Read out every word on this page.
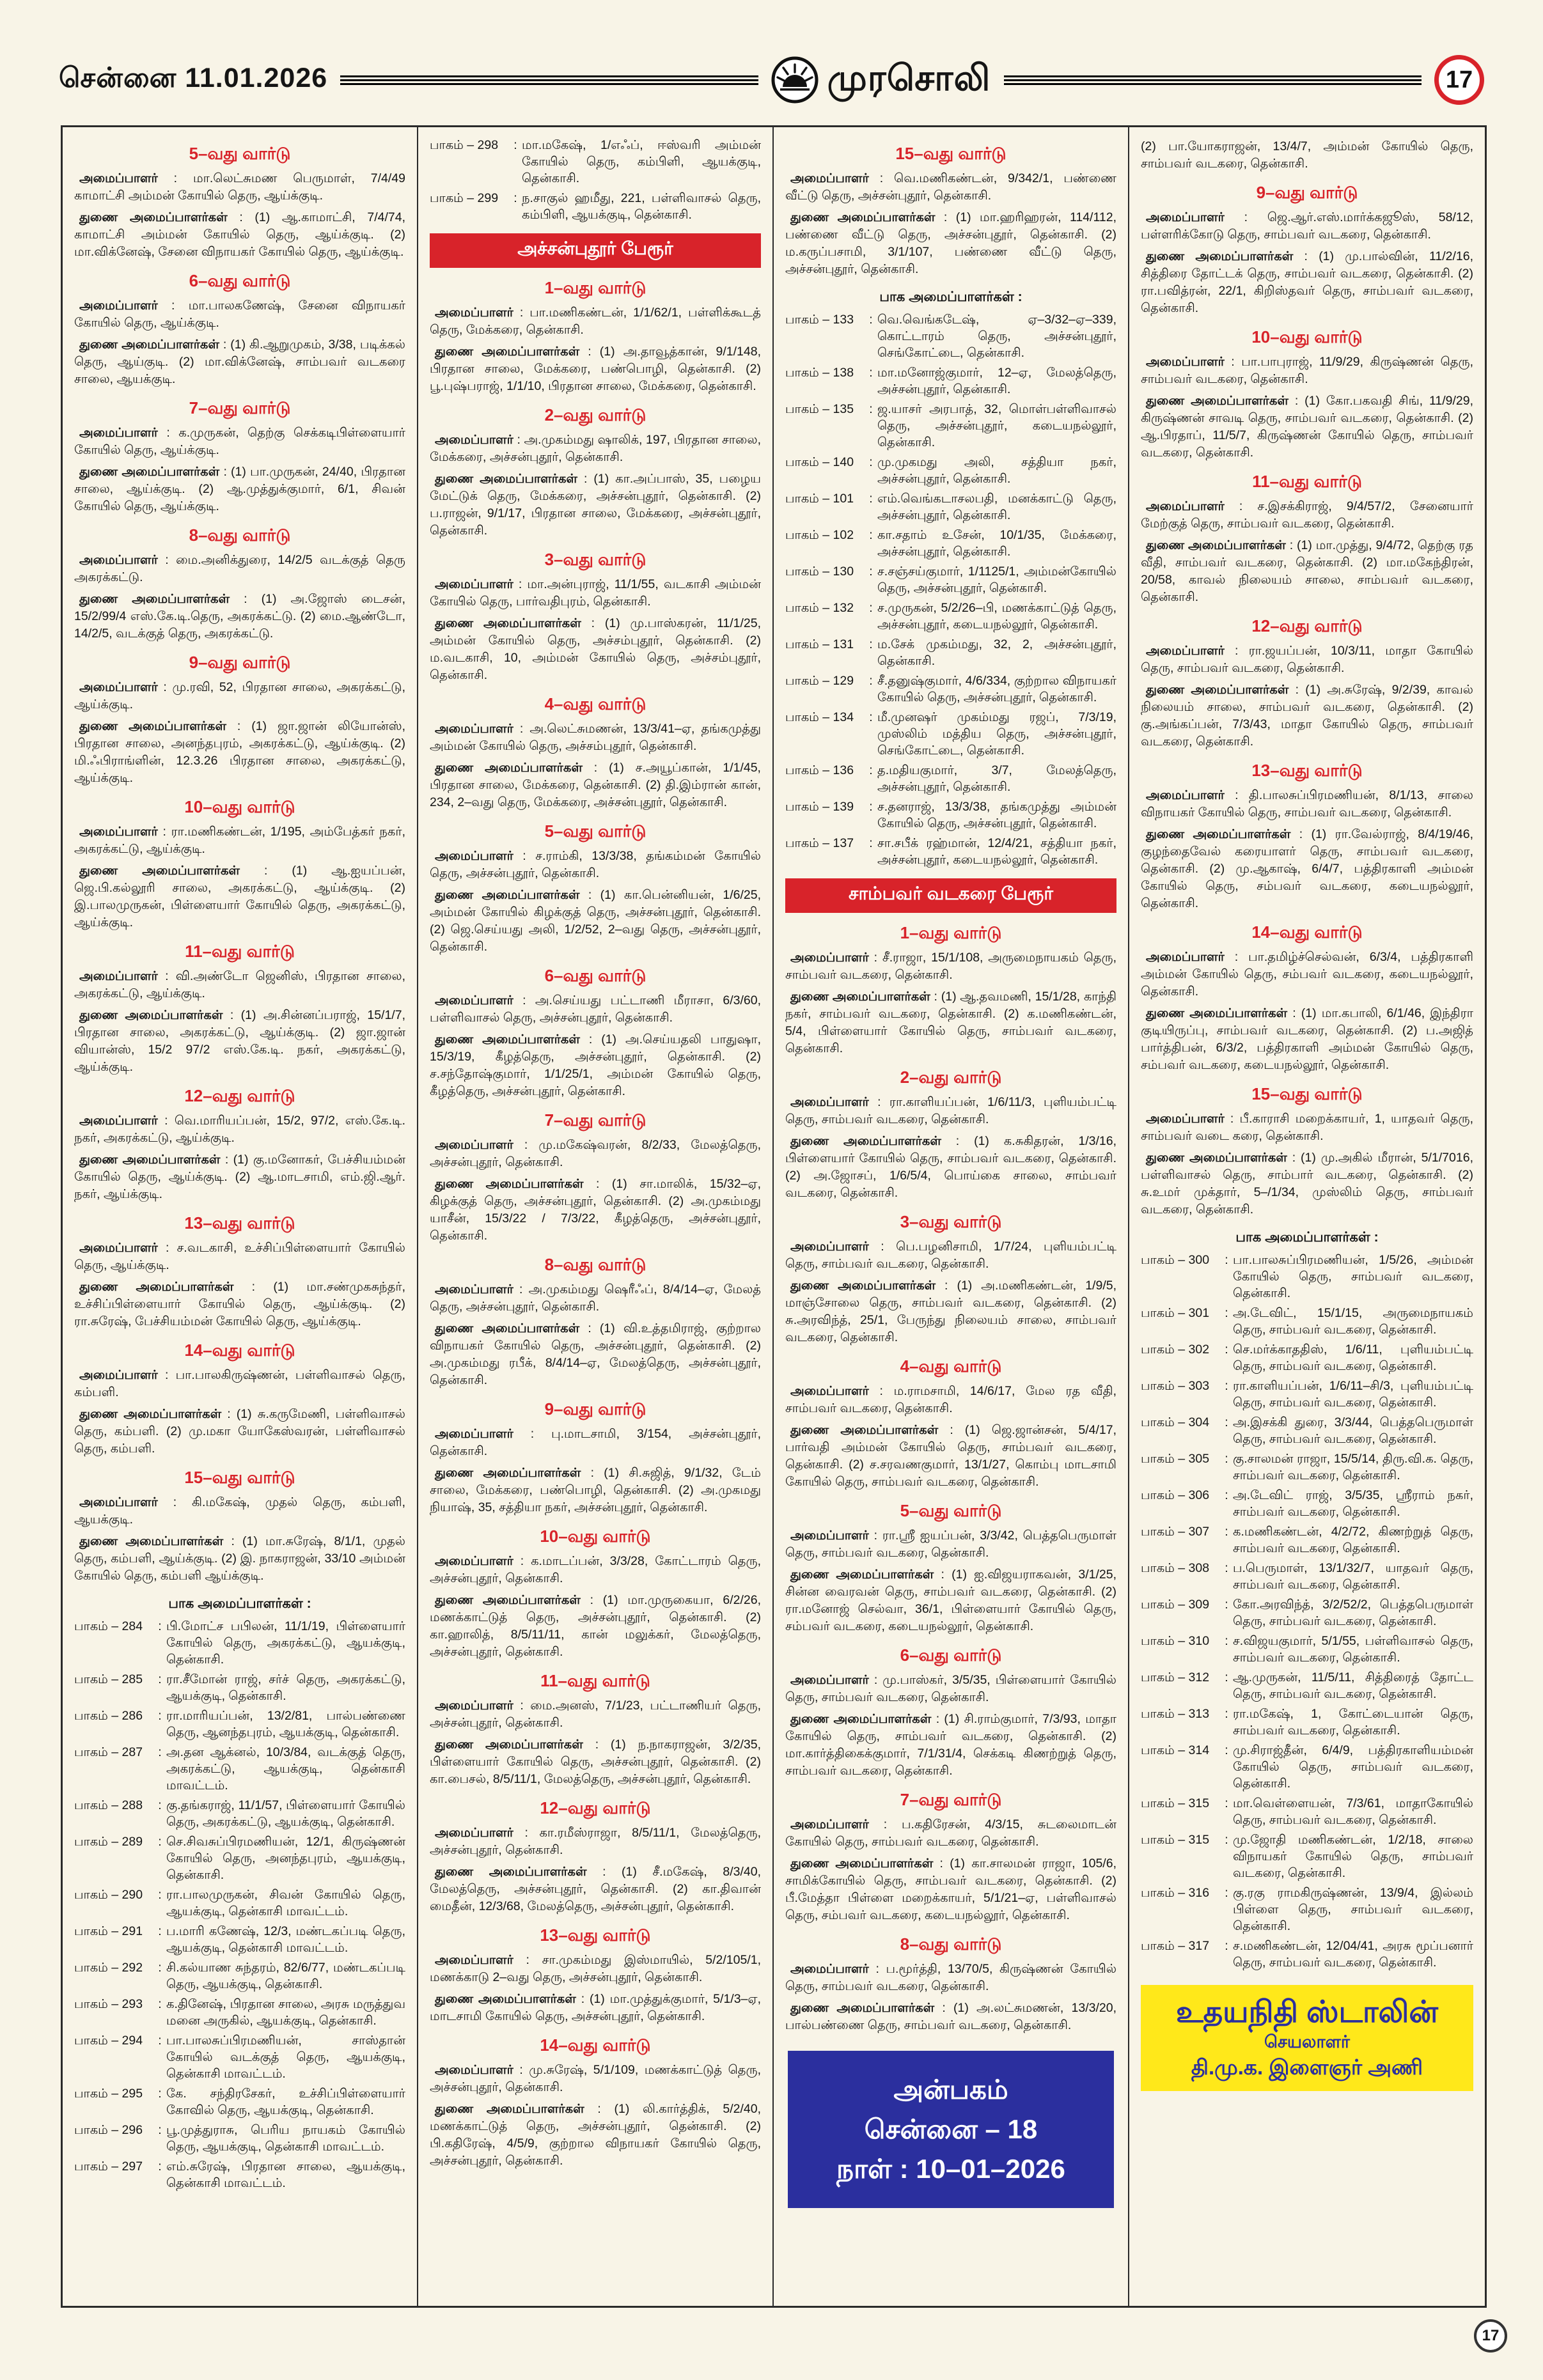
சென்னை 11.01.2026	முரசொலி	17
5–வது வார்டு

அமைப்பாளர் : மா.லெட்சுமண பெருமாள், 7/4/49 காமாட்சி அம்மன் கோயில் தெரு, ஆய்க்குடி.

துணை அமைப்பாளர்கள் : (1) ஆ.காமாட்சி, 7/4/74, காமாட்சி அம்மன் கோயில் தெரு, ஆய்க்குடி. (2) மா.விக்னேஷ், சேனை விநாயகர் கோயில் தெரு, ஆய்க்குடி.

6–வது வார்டு

அமைப்பாளர் : மா.பாலகணேஷ், சேனை விநாயகர் கோயில் தெரு, ஆய்க்குடி.

துணை அமைப்பாளர்கள் : (1) கி.ஆறுமுகம், 3/38, படிக்கல் தெரு, ஆய்குடி. (2) மா.விக்னேஷ், சாம்பவர் வடகரை சாலை, ஆயக்குடி.

7–வது வார்டு

அமைப்பாளர் : க.முருகன், தெற்கு செக்கடிபிள்ளையார் கோயில் தெரு, ஆய்க்குடி.

துணை அமைப்பாளர்கள் : (1) பா.முருகன், 24/40, பிரதான சாலை, ஆய்க்குடி. (2) ஆ.முத்துக்குமார், 6/1, சிவன் கோயில் தெரு, ஆய்க்குடி.

8–வது வார்டு

அமைப்பாளர் : மை.அனிக்துரை, 14/2/5 வடக்குத் தெரு அகரக்கட்டு.

துணை அமைப்பாளர்கள் : (1) அ.ஜோஸ் டைசன், 15/2/99/4 எஸ்.கே.டி.தெரு, அகரக்கட்டு. (2) மை.ஆண்டோ, 14/2/5, வடக்குத் தெரு, அகரக்கட்டு.

9–வது வார்டு

அமைப்பாளர் : மு.ரவி, 52, பிரதான சாலை, அகரக்கட்டு, ஆய்க்குடி.

துணை அமைப்பாளர்கள் : (1) ஜா.ஜான் லியோன்ஸ், பிரதான சாலை, அனந்தபுரம், அகரக்கட்டு, ஆய்க்குடி. (2) மி.ஃபிராங்ளின், 12.3.26 பிரதான சாலை, அகரக்கட்டு, ஆய்க்குடி.

10–வது வார்டு

அமைப்பாளர் : ரா.மணிகண்டன், 1/195, அம்பேத்கர் நகர், அகரக்கட்டு, ஆய்க்குடி.

துணை அமைப்பாளர்கள் : (1) ஆ.ஐயப்பன், ஜெ.பி.கல்லூரி சாலை, அகரக்கட்டு, ஆய்க்குடி. (2) இ.பாலமுருகன், பிள்ளையார் கோயில் தெரு, அகரக்கட்டு, ஆய்க்குடி.

11–வது வார்டு

அமைப்பாளர் : வி.அண்டோ ஜெனிஸ், பிரதான சாலை, அகரக்கட்டு, ஆய்க்குடி.

துணை அமைப்பாளர்கள் : (1) அ.சின்னப்பராஜ், 15/1/7, பிரதான சாலை, அகரக்கட்டு, ஆய்க்குடி. (2) ஜா.ஜான் வியான்ஸ், 15/2 97/2 எஸ்.கே.டி. நகர், அகரக்கட்டு, ஆய்க்குடி.

12–வது வார்டு

அமைப்பாளர் : வெ.மாரியப்பன், 15/2, 97/2, எஸ்.கே.டி. நகர், அகரக்கட்டு, ஆய்க்குடி.

துணை அமைப்பாளர்கள் : (1) கு.மனோகர், பேச்சியம்மன் கோயில் தெரு, ஆய்க்குடி. (2) ஆ.மாடசாமி, எம்.ஜி.ஆர். நகர், ஆய்க்குடி.

13–வது வார்டு

அமைப்பாளர் : ச.வடகாசி, உச்சிப்பிள்ளையார் கோயில் தெரு, ஆய்க்குடி.

துணை அமைப்பாளர்கள் : (1) மா.சண்முகசுந்தர், உச்சிப்பிள்ளையார் கோயில் தெரு, ஆய்க்குடி. (2) ரா.சுரேஷ், பேச்சியம்மன் கோயில் தெரு, ஆய்க்குடி.

14–வது வார்டு

அமைப்பாளர் : பா.பாலகிருஷ்ணன், பள்ளிவாசல் தெரு, கம்பளி.

துணை அமைப்பாளர்கள் : (1) சு.கருமேணி, பள்ளிவாசல் தெரு, கம்பளி. (2) மு.மகா யோகேஸ்வரன், பள்ளிவாசல் தெரு, கம்பளி.

15–வது வார்டு

அமைப்பாளர் : கி.மகேஷ், முதல் தெரு, கம்பளி, ஆயக்குடி.

துணை அமைப்பாளர்கள் : (1) மா.சுரேஷ், 8/1/1, முதல் தெரு, கம்பளி, ஆய்க்குடி. (2) இ. நாகராஜன், 33/10 அம்மன் கோயில் தெரு, கம்பளி ஆய்க்குடி.

பாக அமைப்பாளர்கள் :
பாகம் – 284	: பி.மோட்ச பபிலன், 11/1/19, பிள்ளையார் கோயில் தெரு, அகரக்கட்டு, ஆயக்குடி, தென்காசி.
பாகம் – 285	: ரா.சீமோன் ராஜ், சர்ச் தெரு, அகரக்கட்டு, ஆயக்குடி, தென்காசி.
பாகம் – 286	: ரா.மாரியப்பன், 13/2/81, பால்பண்ணை தெரு, ஆனந்தபுரம், ஆயக்குடி, தென்காசி.
பாகம் – 287	: அ.தன ஆக்னல், 10/3/84, வடக்குத் தெரு, அகரக்கட்டு, ஆயக்குடி, தென்காசி மாவட்டம்.
பாகம் – 288	: கு.தங்கராஜ், 11/1/57, பிள்ளையார் கோயில் தெரு, அகரக்கட்டு, ஆயக்குடி, தென்காசி.
பாகம் – 289	: செ.சிவசுப்பிரமணியன், 12/1, கிருஷ்ணன் கோயில் தெரு, அனந்தபுரம், ஆயக்குடி, தென்காசி.
பாகம் – 290	: ரா.பாலமுருகன், சிவன் கோயில் தெரு, ஆயக்குடி, தென்காசி மாவட்டம்.
பாகம் – 291	: ப.மாரி கணேஷ், 12/3, மண்டகப்படி தெரு, ஆயக்குடி, தென்காசி மாவட்டம்.
பாகம் – 292	: சி.கல்யாண சுந்தரம், 82/6/77, மண்டகப்படி தெரு, ஆயக்குடி, தென்காசி.
பாகம் – 293	: க.தினேஷ், பிரதான சாலை, அரசு மருத்துவ மனை அருகில், ஆயக்குடி, தென்காசி.
பாகம் – 294	: பா.பாலசுப்பிரமணியன், சாஸ்தான் கோயில் வடக்குத் தெரு, ஆயக்குடி, தென்காசி மாவட்டம்.
பாகம் – 295	: கே. சந்திரசேகர், உச்சிப்பிள்ளையார் கோவில் தெரு, ஆயக்குடி, தென்காசி.
பாகம் – 296	: பூ.முத்துராசு, பெரிய நாயகம் கோயில் தெரு, ஆயக்குடி, தென்காசி மாவட்டம்.
பாகம் – 297	: எம்.சுரேஷ், பிரதான சாலை, ஆயக்குடி, தென்காசி மாவட்டம்.
பாகம் – 298	: மா.மகேஷ், 1/எஃப், ஈஸ்வரி அம்மன் கோயில் தெரு, கம்பிளி, ஆயக்குடி, தென்காசி.
பாகம் – 299	: ந.சாகுல் ஹமீது, 221, பள்ளிவாசல் தெரு, கம்பிளி, ஆயக்குடி, தென்காசி.
அச்சன்புதூர் பேரூர்
1–வது வார்டு

அமைப்பாளர் : பா.மணிகண்டன், 1/1/62/1, பள்ளிக்கூடத் தெரு, மேக்கரை, தென்காசி.

துணை அமைப்பாளர்கள் : (1) அ.தாவூத்கான், 9/1/148, பிரதான சாலை, மேக்கரை, பண்பொழி, தென்காசி. (2) பூ.புஷ்பராஜ், 1/1/10, பிரதான சாலை, மேக்கரை, தென்காசி.

2–வது வார்டு

அமைப்பாளர் : அ.முகம்மது ஷாலிக், 197, பிரதான சாலை, மேக்கரை, அச்சன்புதூர், தென்காசி.

துணை அமைப்பாளர்கள் : (1) கா.அப்பாஸ், 35, பழைய மேட்டுக் தெரு, மேக்கரை, அச்சன்புதூர், தென்காசி. (2) ப.ராஜன், 9/1/17, பிரதான சாலை, மேக்கரை, அச்சன்புதூர், தென்காசி.

3–வது வார்டு

அமைப்பாளர் : மா.அன்புராஜ், 11/1/55, வடகாசி அம்மன் கோயில் தெரு, பார்வதிபுரம், தென்காசி.

துணை அமைப்பாளர்கள் : (1) மு.பாஸ்கரன், 11/1/25, அம்மன் கோயில் தெரு, அச்சம்புதூர், தென்காசி. (2) ம.வடகாசி, 10, அம்மன் கோயில் தெரு, அச்சம்புதூர், தென்காசி.

4–வது வார்டு

அமைப்பாளர் : அ.லெட்சுமணன், 13/3/41–ஏ, தங்கமுத்து அம்மன் கோயில் தெரு, அச்சம்புதூர், தென்காசி.

துணை அமைப்பாளர்கள் : (1) ச.அயூப்கான், 1/1/45, பிரதான சாலை, மேக்கரை, தென்காசி. (2) தி.இம்ரான் கான், 234, 2–வது தெரு, மேக்கரை, அச்சன்புதூர், தென்காசி.

5–வது வார்டு

அமைப்பாளர் : ச.ராம்கி, 13/3/38, தங்கம்மன் கோயில் தெரு, அச்சன்புதூர், தென்காசி.

துணை அமைப்பாளர்கள் : (1) கா.பென்னியன், 1/6/25, அம்மன் கோயில் கிழக்குத் தெரு, அச்சன்புதூர், தென்காசி. (2) ஜெ.செய்யது அலி, 1/2/52, 2–வது தெரு, அச்சன்புதூர், தென்காசி.

6–வது வார்டு

அமைப்பாளர் : அ.செய்யது பட்டாணி மீராசா, 6/3/60, பள்ளிவாசல் தெரு, அச்சன்புதூர், தென்காசி.

துணை அமைப்பாளர்கள் : (1) அ.செய்யதலி பாதுஷா, 15/3/19, கீழத்தெரு, அச்சன்புதூர், தென்காசி. (2) ச.சந்தோஷ்குமார், 1/1/25/1, அம்மன் கோயில் தெரு, கீழத்தெரு, அச்சன்புதூர், தென்காசி.

7–வது வார்டு

அமைப்பாளர் : மு.மகேஷ்வரன், 8/2/33, மேலத்தெரு, அச்சன்புதூர், தென்காசி.

துணை அமைப்பாளர்கள் : (1) சா.மாலிக், 15/32–ஏ, கிழக்குத் தெரு, அச்சன்புதூர், தென்காசி. (2) அ.முகம்மது யாசீன், 15/3/22 / 7/3/22, கீழத்தெரு, அச்சன்புதூர், தென்காசி.

8–வது வார்டு

அமைப்பாளர் : அ.முகம்மது ஷெரீஃப், 8/4/14–ஏ, மேலத் தெரு, அச்சன்புதூர், தென்காசி.

துணை அமைப்பாளர்கள் : (1) வி.உத்தமிராஜ், குற்றால விநாயகர் கோயில் தெரு, அச்சன்புதூர், தென்காசி. (2) அ.முகம்மது ரபீக், 8/4/14–ஏ, மேலத்தெரு, அச்சன்புதூர், தென்காசி.

9–வது வார்டு

அமைப்பாளர் : பு.மாடசாமி, 3/154, அச்சன்புதூர், தென்காசி.

துணை அமைப்பாளர்கள் : (1) சி.சுஜித், 9/1/32, டேம் சாலை, மேக்கரை, பண்பொழி, தென்காசி. (2) அ.முகமது நியாஷ், 35, சத்தியா நகர், அச்சன்புதூர், தென்காசி.

10–வது வார்டு

அமைப்பாளர் : க.மாடப்பன், 3/3/28, கோட்டாரம் தெரு, அச்சன்புதூர், தென்காசி.

துணை அமைப்பாளர்கள் : (1) மா.முருகையா, 6/2/26, மணக்காட்டுத் தெரு, அச்சன்புதூர், தென்காசி. (2) கா.ஹாலித், 8/5/11/11, கான் மலுக்கர், மேலத்தெரு, அச்சன்புதூர், தென்காசி.

11–வது வார்டு

அமைப்பாளர் : மை.அனஸ், 7/1/23, பட்டாணியர் தெரு, அச்சன்புதூர், தென்காசி.

துணை அமைப்பாளர்கள் : (1) ந.நாகராஜன், 3/2/35, பிள்ளையார் கோயில் தெரு, அச்சன்புதூர், தென்காசி. (2) கா.பைசல், 8/5/11/1, மேலத்தெரு, அச்சன்புதூர், தென்காசி.

12–வது வார்டு

அமைப்பாளர் : கா.ரமீஸ்ராஜா, 8/5/11/1, மேலத்தெரு, அச்சன்புதூர், தென்காசி.

துணை அமைப்பாளர்கள் : (1) சீ.மகேஷ், 8/3/40, மேலத்தெரு, அச்சன்புதூர், தென்காசி. (2) கா.திவான் மைதீன், 12/3/68, மேலத்தெரு, அச்சன்புதூர், தென்காசி.

13–வது வார்டு

அமைப்பாளர் : சா.முகம்மது இஸ்மாயில், 5/2/105/1, மணக்காடு 2–வது தெரு, அச்சன்புதூர், தென்காசி.

துணை அமைப்பாளர்கள் : (1) மா.முத்துக்குமார், 5/1/3–ஏ, மாடசாமி கோயில் தெரு, அச்சன்புதூர், தென்காசி.

14–வது வார்டு

அமைப்பாளர் : மு.சுரேஷ், 5/1/109, மணக்காட்டுத் தெரு, அச்சன்புதூர், தென்காசி.

துணை அமைப்பாளர்கள் : (1) லி.கார்த்திக், 5/2/40, மணக்காட்டுத் தெரு, அச்சன்புதூர், தென்காசி. (2) பி.கதிரேஷ், 4/5/9, குற்றால விநாயகர் கோயில் தெரு, அச்சன்புதூர், தென்காசி.

15–வது வார்டு

அமைப்பாளர் : வெ.மணிகண்டன், 9/342/1, பண்ணை வீட்டு தெரு, அச்சன்புதூர், தென்காசி.

துணை அமைப்பாளர்கள் : (1) மா.ஹரிஹரன், 114/112, பண்ணை வீட்டு தெரு, அச்சன்புதூர், தென்காசி. (2) ம.கருப்பசாமி, 3/1/107, பண்ணை வீட்டு தெரு, அச்சன்புதூர், தென்காசி.

பாக அமைப்பாளர்கள் :
பாகம் – 133	: வெ.வெங்கடேஷ், ஏ–3/32–ஏ–339, கொட்டாரம் தெரு, அச்சன்புதூர், செங்கோட்டை, தென்காசி.
பாகம் – 138	: மா.மனோஜ்குமார், 12–ஏ, மேலத்தெரு, அச்சன்புதூர், தென்காசி.
பாகம் – 135	: ஜ.யாசர் அரபாத், 32, மொள்பள்ளிவாசல் தெரு, அச்சன்புதூர், கடையநல்லூர், தென்காசி.
பாகம் – 140	: மு.முகமது அலி, சத்தியா நகர், அச்சன்புதூர், தென்காசி.
பாகம் – 101	: எம்.வெங்கடாசலபதி, மனக்காட்டு தெரு, அச்சன்புதூர், தென்காசி.
பாகம் – 102	: கா.சதாம் உசேன், 10/1/35, மேக்கரை, அச்சன்புதூர், தென்காசி.
பாகம் – 130	: ச.சஞ்சய்குமார், 1/1125/1, அம்மன்கோயில் தெரு, அச்சன்புதூர், தென்காசி.
பாகம் – 132	: ச.முருகன், 5/2/26–பி, மணக்காட்டுத் தெரு, அச்சன்புதூர், கடையநல்லூர், தென்காசி.
பாகம் – 131	: ம.சேக் முகம்மது, 32, 2, அச்சன்புதூர், தென்காசி.
பாகம் – 129	: சீ.தனுஷ்குமார், 4/6/334, குற்றால விநாயகர் கோயில் தெரு, அச்சன்புதூர், தென்காசி.
பாகம் – 134	: மீ.முனஷர் முகம்மது ரஜப், 7/3/19, முஸ்லிம் மத்திய தெரு, அச்சன்புதூர், செங்கோட்டை, தென்காசி.
பாகம் – 136	: த.மதியகுமார், 3/7, மேலத்தெரு, அச்சன்புதூர், தென்காசி.
பாகம் – 139	: ச.தனராஜ், 13/3/38, தங்கமுத்து அம்மன் கோயில் தெரு, அச்சன்புதூர், தென்காசி.
பாகம் – 137	: சா.சபீக் ரஹ்மான், 12/4/21, சத்தியா நகர், அச்சன்புதூர், கடையநல்லூர், தென்காசி.
சாம்பவர் வடகரை பேரூர்
1–வது வார்டு

அமைப்பாளர் : சீ.ராஜா, 15/1/108, அருமைநாயகம் தெரு, சாம்பவர் வடகரை, தென்காசி.

துணை அமைப்பாளர்கள் : (1) ஆ.தவமணி, 15/1/28, காந்தி நகர், சாம்பவர் வடகரை, தென்காசி. (2) க.மணிகண்டன், 5/4, பிள்ளையார் கோயில் தெரு, சாம்பவர் வடகரை, தென்காசி.

2–வது வார்டு

அமைப்பாளர் : ரா.காளியப்பன், 1/6/11/3, புளியம்பட்டி தெரு, சாம்பவர் வடகரை, தென்காசி.

துணை அமைப்பாளர்கள் : (1) க.சுகிதரன், 1/3/16, பிள்ளையார் கோயில் தெரு, சாம்பவர் வடகரை, தென்காசி. (2) அ.ஜோசப், 1/6/5/4, பொய்கை சாலை, சாம்பவர் வடகரை, தென்காசி.

3–வது வார்டு

அமைப்பாளர் : பெ.பழனிசாமி, 1/7/24, புளியம்பட்டி தெரு, சாம்பவர் வடகரை, தென்காசி.

துணை அமைப்பாளர்கள் : (1) அ.மணிகண்டன், 1/9/5, மாஞ்சோலை தெரு, சாம்பவர் வடகரை, தென்காசி. (2) சு.அரவிந்த், 25/1, பேருந்து நிலையம் சாலை, சாம்பவர் வடகரை, தென்காசி.

4–வது வார்டு

அமைப்பாளர் : ம.ராமசாமி, 14/6/17, மேல ரத வீதி, சாம்பவர் வடகரை, தென்காசி.

துணை அமைப்பாளர்கள் : (1) ஜெ.ஜான்சன், 5/4/17, பார்வதி அம்மன் கோயில் தெரு, சாம்பவர் வடகரை, தென்காசி. (2) ச.சரவணகுமார், 13/1/27, கொம்பு மாடசாமி கோயில் தெரு, சாம்பவர் வடகரை, தென்காசி.

5–வது வார்டு

அமைப்பாளர் : ரா.ஸ்ரீ ஐயப்பன், 3/3/42, பெத்தபெருமாள் தெரு, சாம்பவர் வடகரை, தென்காசி.

துணை அமைப்பாளர்கள் : (1) ஐ.விஜயராகவன், 3/1/25, சின்ன வைரவன் தெரு, சாம்பவர் வடகரை, தென்காசி. (2) ரா.மனோஜ் செல்வா, 36/1, பிள்ளையார் கோயில் தெரு, சம்பவர் வடகரை, கடையநல்லூர், தென்காசி.

6–வது வார்டு

அமைப்பாளர் : மு.பாஸ்கர், 3/5/35, பிள்ளையார் கோயில் தெரு, சாம்பவர் வடகரை, தென்காசி.

துணை அமைப்பாளர்கள் : (1) சி.ராம்குமார், 7/3/93, மாதா கோயில் தெரு, சாம்பவர் வடகரை, தென்காசி. (2) மா.கார்த்திகைக்குமார், 7/1/31/4, செக்கடி கிணற்றுத் தெரு, சாம்பவர் வடகரை, தென்காசி.

7–வது வார்டு

அமைப்பாளர் : ப.கதிரேசன், 4/3/15, சுடலைமாடன் கோயில் தெரு, சாம்பவர் வடகரை, தென்காசி.

துணை அமைப்பாளர்கள் : (1) கா.சாலமன் ராஜா, 105/6, சாமிக்கோயில் தெரு, சாம்பவர் வடகரை, தென்காசி. (2) பீ.மேத்தா பிள்ளை மறைக்காயர், 5/1/21–ஏ, பள்ளிவாசல் தெரு, சம்பவர் வடகரை, கடையநல்லூர், தென்காசி.

8–வது வார்டு

அமைப்பாளர் : ப.மூர்த்தி, 13/70/5, கிருஷ்ணன் கோயில் தெரு, சாம்பவர் வடகரை, தென்காசி.

துணை அமைப்பாளர்கள் : (1) அ.லட்சுமணன், 13/3/20, பால்பண்ணை தெரு, சாம்பவர் வடகரை, தென்காசி.

அன்பகம்
சென்னை – 18
நாள் : 10–01–2026

(2) பா.யோகராஜன், 13/4/7, அம்மன் கோயில் தெரு, சாம்பவர் வடகரை, தென்காசி.

9–வது வார்டு

அமைப்பாளர் : ஜெ.ஆர்.எஸ்.மார்க்கஜூஸ், 58/12, பள்ளரிக்கோடு தெரு, சாம்பவர் வடகரை, தென்காசி.

துணை அமைப்பாளர்கள் : (1) மு.பால்வின், 11/2/16, சித்திரை தோட்டக் தெரு, சாம்பவர் வடகரை, தென்காசி. (2) ரா.பவித்ரன், 22/1, கிறிஸ்தவர் தெரு, சாம்பவர் வடகரை, தென்காசி.

10–வது வார்டு

அமைப்பாளர் : பா.பாபுராஜ், 11/9/29, கிருஷ்ணன் தெரு, சாம்பவர் வடகரை, தென்காசி.

துணை அமைப்பாளர்கள் : (1) கோ.பகவதி சிங், 11/9/29, கிருஷ்ணன் சாவடி தெரு, சாம்பவர் வடகரை, தென்காசி. (2) ஆ.பிரதாப், 11/5/7, கிருஷ்ணன் கோயில் தெரு, சாம்பவர் வடகரை, தென்காசி.

11–வது வார்டு

அமைப்பாளர் : ச.இசக்கிராஜ், 9/4/57/2, சேனையார் மேற்குத் தெரு, சாம்பவர் வடகரை, தென்காசி.

துணை அமைப்பாளர்கள் : (1) மா.முத்து, 9/4/72, தெற்கு ரத வீதி, சாம்பவர் வடகரை, தென்காசி. (2) மா.மகேந்திரன், 20/58, காவல் நிலையம் சாலை, சாம்பவர் வடகரை, தென்காசி.

12–வது வார்டு

அமைப்பாளர் : ரா.ஜயப்பன், 10/3/11, மாதா கோயில் தெரு, சாம்பவர் வடகரை, தென்காசி.

துணை அமைப்பாளர்கள் : (1) அ.சுரேஷ், 9/2/39, காவல் நிலையம் சாலை, சாம்பவர் வடகரை, தென்காசி. (2) கு.அங்கப்பன், 7/3/43, மாதா கோயில் தெரு, சாம்பவர் வடகரை, தென்காசி.

13–வது வார்டு

அமைப்பாளர் : தி.பாலசுப்பிரமணியன், 8/1/13, சாலை விநாயகர் கோயில் தெரு, சாம்பவர் வடகரை, தென்காசி.

துணை அமைப்பாளர்கள் : (1) ரா.வேல்ராஜ், 8/4/19/46, குழந்தைவேல் கரையாளர் தெரு, சாம்பவர் வடகரை, தென்காசி. (2) மு.ஆகாஷ், 6/4/7, பத்திரகாளி அம்மன் கோயில் தெரு, சம்பவர் வடகரை, கடையநல்லூர், தென்காசி.

14–வது வார்டு

அமைப்பாளர் : பா.தமிழ்ச்செல்வன், 6/3/4, பத்திரகாளி அம்மன் கோயில் தெரு, சம்பவர் வடகரை, கடையநல்லூர், தென்காசி.

துணை அமைப்பாளர்கள் : (1) மா.கபாலி, 6/1/46, இந்திரா குடியிருப்பு, சாம்பவர் வடகரை, தென்காசி. (2) ப.அஜித் பார்த்திபன், 6/3/2, பத்திரகாளி அம்மன் கோயில் தெரு, சம்பவர் வடகரை, கடையநல்லூர், தென்காசி.

15–வது வார்டு

அமைப்பாளர் : பீ.காராசி மறைக்காயர், 1, யாதவர் தெரு, சாம்பவர் வடை கரை, தென்காசி.

துணை அமைப்பாளர்கள் : (1) மு.அகில் மீரான், 5/1/7016, பள்ளிவாசல் தெரு, சாம்பார் வடகரை, தென்காசி. (2) சு.உமர் முக்தார், 5–/1/34, முஸ்லிம் தெரு, சாம்பவர் வடகரை, தென்காசி.

பாக அமைப்பாளர்கள் :
பாகம் – 300	: பா.பாலசுப்பிரமணியன், 1/5/26, அம்மன் கோயில் தெரு, சாம்பவர் வடகரை, தென்காசி.
பாகம் – 301	: அ.டேவிட், 15/1/15, அருமைநாயகம் தெரு, சாம்பவர் வடகரை, தென்காசி.
பாகம் – 302	: செ.மர்க்காததிஸ், 1/6/11, புளியம்பட்டி தெரு, சாம்பவர் வடகரை, தென்காசி.
பாகம் – 303	: ரா.காளியப்பன், 1/6/11–சி/3, புளியம்பட்டி தெரு, சாம்பவர் வடகரை, தென்காசி.
பாகம் – 304	: அ.இசக்கி துரை, 3/3/44, பெத்தபெருமாள் தெரு, சாம்பவர் வடகரை, தென்காசி.
பாகம் – 305	: கு.சாலமன் ராஜா, 15/5/14, திரு.வி.க. தெரு, சாம்பவர் வடகரை, தென்காசி.
பாகம் – 306	: அ.டேவிட் ராஜ், 3/5/35, ஸ்ரீராம் நகர், சாம்பவர் வடகரை, தென்காசி.
பாகம் – 307	: க.மணிகண்டன், 4/2/72, கிணற்றுத் தெரு, சாம்பவர் வடகரை, தென்காசி.
பாகம் – 308	: ப.பெருமாள், 13/1/32/7, யாதவர் தெரு, சாம்பவர் வடகரை, தென்காசி.
பாகம் – 309	: கோ.அரவிந்த், 3/2/52/2, பெத்தபெருமாள் தெரு, சாம்பவர் வடகரை, தென்காசி.
பாகம் – 310	: ச.விஜயகுமார், 5/1/55, பள்ளிவாசல் தெரு, சாம்பவர் வடகரை, தென்காசி.
பாகம் – 312	: ஆ.முருகன், 11/5/11, சித்திரைத் தோட்ட தெரு, சாம்பவர் வடகரை, தென்காசி.
பாகம் – 313	: ரா.மகேஷ், 1, கோட்டையான் தெரு, சாம்பவர் வடகரை, தென்காசி.
பாகம் – 314	: மு.சிராஜ்தீன், 6/4/9, பத்திரகாளியம்மன் கோயில் தெரு, சாம்பவர் வடகரை, தென்காசி.
பாகம் – 315	: மா.வெள்ளையன், 7/3/61, மாதாகோயில் தெரு, சாம்பவர் வடகரை, தென்காசி.
பாகம் – 315	: மு.ஜோதி மணிகண்டன், 1/2/18, சாலை விநாயகர் கோயில் தெரு, சாம்பவர் வடகரை, தென்காசி.
பாகம் – 316	: கு.ரகு ராமகிருஷ்ணன், 13/9/4, இல்லம் பிள்ளை தெரு, சாம்பவர் வடகரை, தென்காசி.
பாகம் – 317	: ச.மணிகண்டன், 12/04/41, அரசு மூப்பனார் தெரு, சாம்பவர் வடகரை, தென்காசி.
உதயநிதி ஸ்டாலின்
செயலாளர்
தி.மு.க. இளைஞர் அணி
17
